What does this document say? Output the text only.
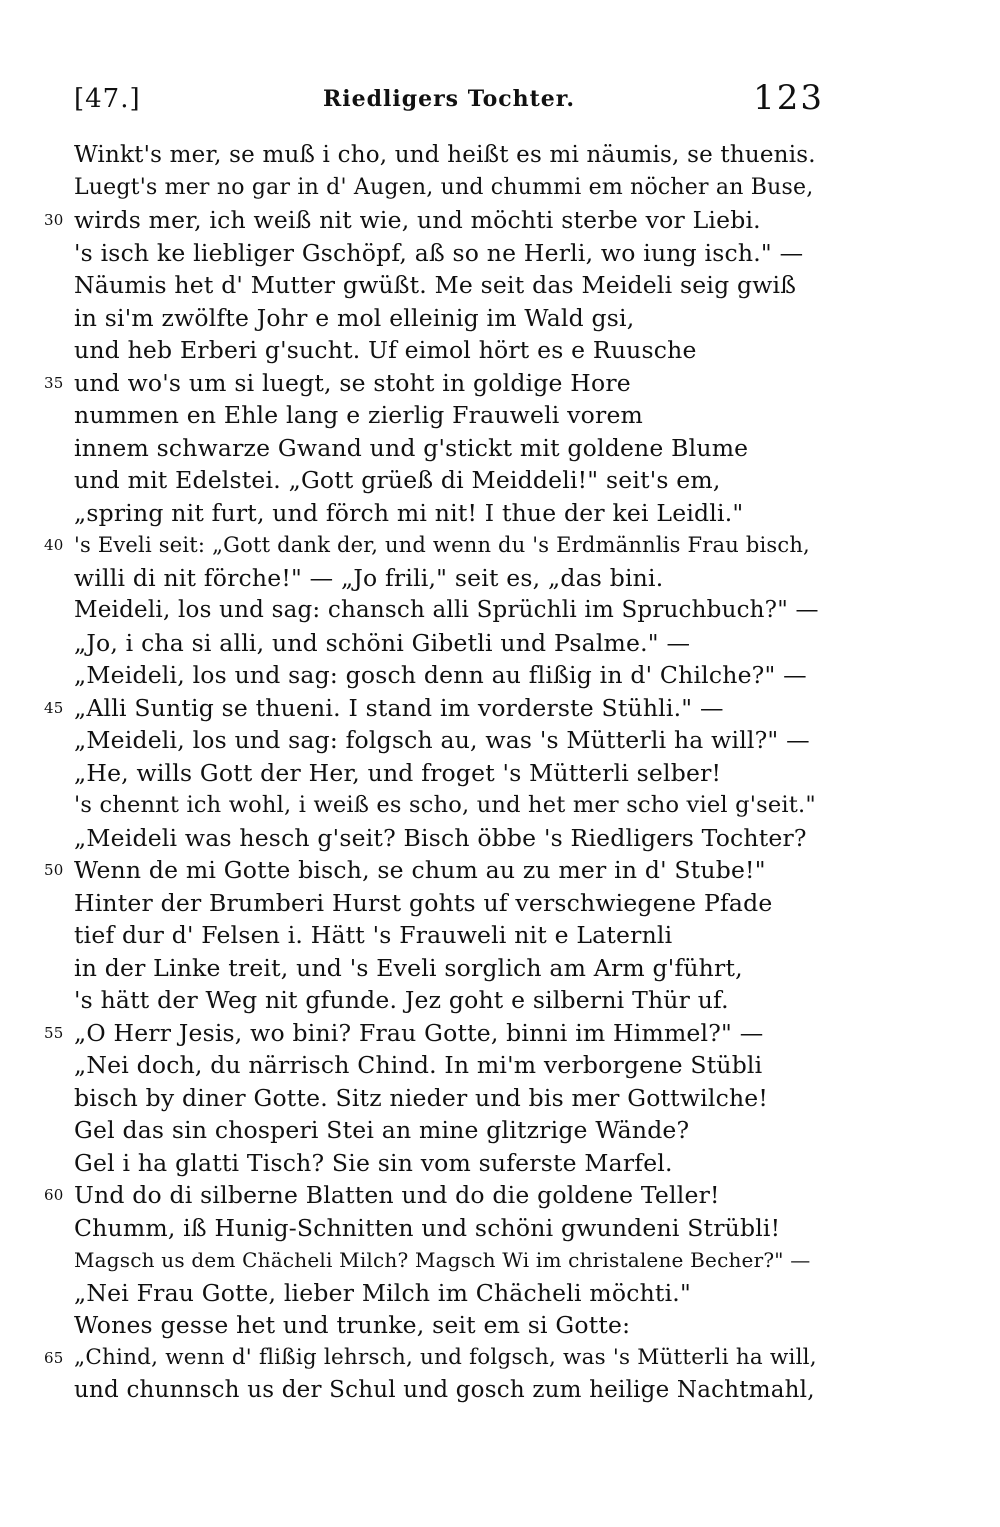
[47.]	Riedligers Tochter.	123
Winkt's mer, se muß i cho, und heißt es mi näumis, se thuenis.
Luegt's mer no gar in d' Augen, und chummi em nöcher an Buse,
30 wirds mer, ich weiß nit wie, und möchti sterbe vor Liebi.
's isch ke liebliger Gschöpf, aß so ne Herli, wo iung isch." —
Näumis het d' Mutter gwüßt. Me seit das Meideli seig gwiß
in si'm zwölfte Johr e mol elleinig im Wald gsi,
und heb Erberi g'sucht. Uf eimol hört es e Ruusche
35 und wo's um si luegt, se stoht in goldige Hore
nummen en Ehle lang e zierlig Frauweli vorem
innem schwarze Gwand und g'stickt mit goldene Blume
und mit Edelstei. „Gott grüeß di Meiddeli!" seit's em,
„spring nit furt, und förch mi nit! I thue der kei Leidli."
40 's Eveli seit: „Gott dank der, und wenn du 's Erdmännlis Frau bisch,
willi di nit förche!" — „Jo frili," seit es, „das bini.
Meideli, los und sag: chansch alli Sprüchli im Spruchbuch?" —
„Jo, i cha si alli, und schöni Gibetli und Psalme." —
„Meideli, los und sag: gosch denn au flißig in d' Chilche?" —
45 „Alli Suntig se thueni. I stand im vorderste Stühli." —
„Meideli, los und sag: folgsch au, was 's Mütterli ha will?" —
„He, wills Gott der Her, und froget 's Mütterli selber!
's chennt ich wohl, i weiß es scho, und het mer scho viel g'seit."
„Meideli was hesch g'seit? Bisch öbbe 's Riedligers Tochter?
50 Wenn de mi Gotte bisch, se chum au zu mer in d' Stube!"
Hinter der Brumberi Hurst gohts uf verschwiegene Pfade
tief dur d' Felsen i. Hätt 's Frauweli nit e Laternli
in der Linke treit, und 's Eveli sorglich am Arm g'führt,
's hätt der Weg nit gfunde. Jez goht e silberni Thür uf.
55 „O Herr Jesis, wo bini? Frau Gotte, binni im Himmel?" —
„Nei doch, du närrisch Chind. In mi'm verborgene Stübli
bisch by diner Gotte. Sitz nieder und bis mer Gottwilche!
Gel das sin chosperi Stei an mine glitzrige Wände?
Gel i ha glatti Tisch? Sie sin vom suferste Marfel.
60 Und do di silberne Blatten und do die goldene Teller!
Chumm, iß Hunig-Schnitten und schöni gwundeni Strübli!
Magsch us dem Chächeli Milch? Magsch Wi im christalene Becher?" —
„Nei Frau Gotte, lieber Milch im Chächeli möchti."
Wones gesse het und trunke, seit em si Gotte:
65 „Chind, wenn d' flißig lehrsch, und folgsch, was 's Mütterli ha will,
und chunnsch us der Schul und gosch zum heilige Nachtmahl,
